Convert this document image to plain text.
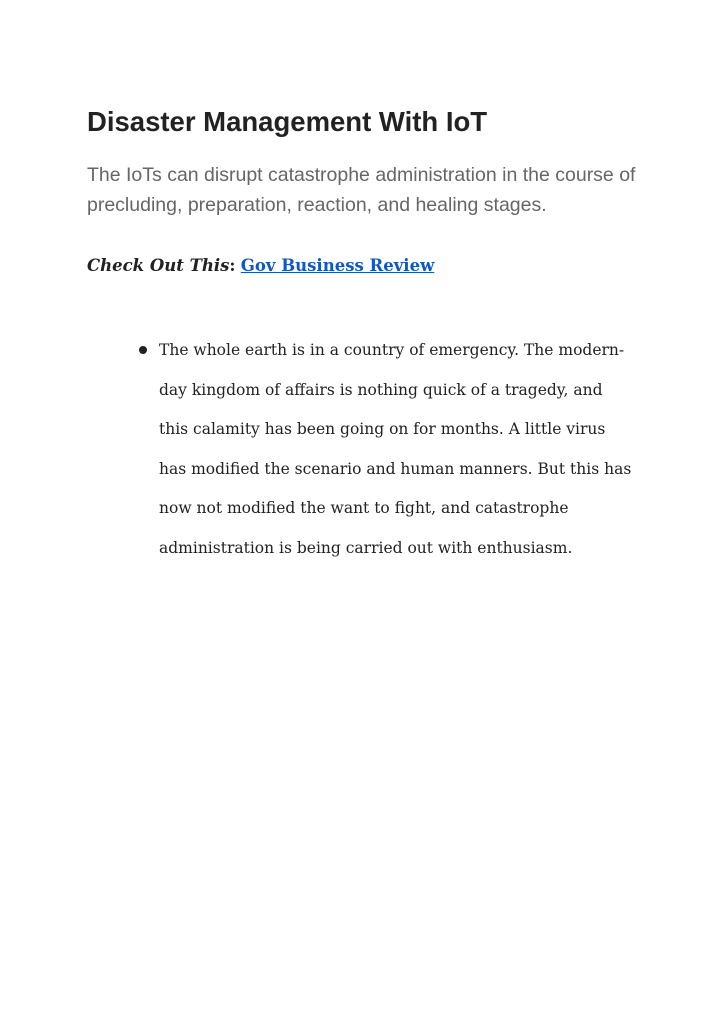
Disaster Management With IoT

The IoTs can disrupt catastrophe administration in the course of precluding, preparation, reaction, and healing stages.

Check Out This: Gov Business Review

The whole earth is in a country of emergency. The modern-day kingdom of affairs is nothing quick of a tragedy, and this calamity has been going on for months. A little virus has modified the scenario and human manners. But this has now not modified the want to fight, and catastrophe administration is being carried out with enthusiasm.
